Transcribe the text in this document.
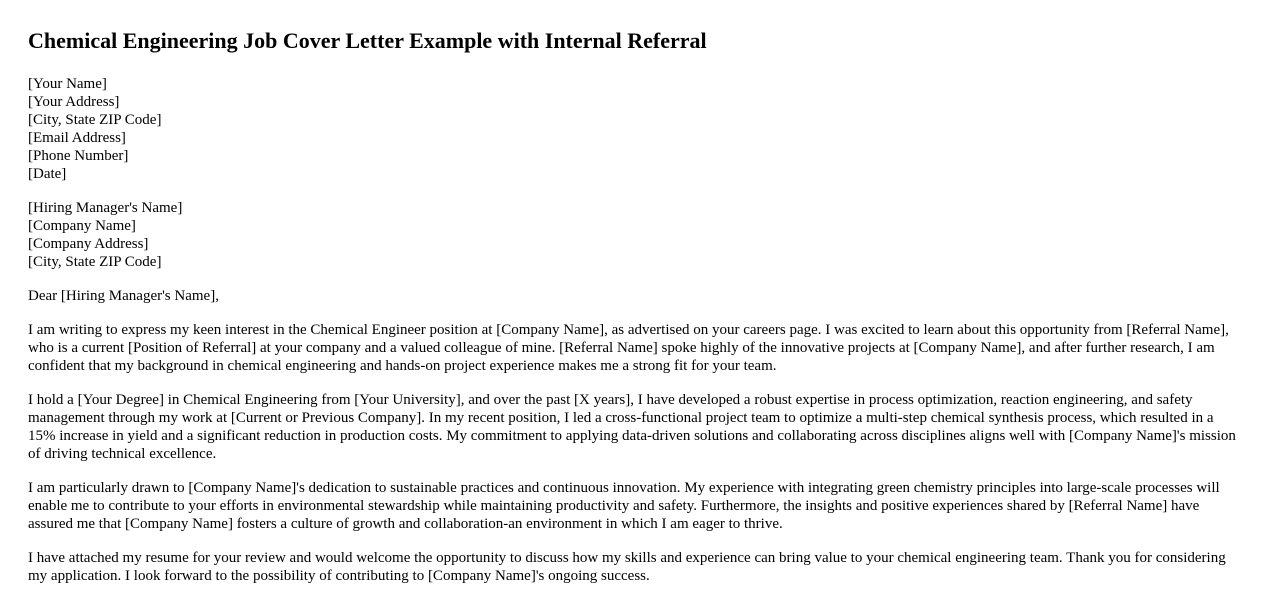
Chemical Engineering Job Cover Letter Example with Internal Referral
[Your Name]
[Your Address]
[City, State ZIP Code]
[Email Address]
[Phone Number]
[Date]
[Hiring Manager's Name]
[Company Name]
[Company Address]
[City, State ZIP Code]

Dear [Hiring Manager's Name],

I am writing to express my keen interest in the Chemical Engineer position at [Company Name], as advertised on your careers page. I was excited to learn about this opportunity from [Referral Name], who is a current [Position of Referral] at your company and a valued colleague of mine. [Referral Name] spoke highly of the innovative projects at [Company Name], and after further research, I am confident that my background in chemical engineering and hands-on project experience makes me a strong fit for your team.

I hold a [Your Degree] in Chemical Engineering from [Your University], and over the past [X years], I have developed a robust expertise in process optimization, reaction engineering, and safety management through my work at [Current or Previous Company]. In my recent position, I led a cross-functional project team to optimize a multi-step chemical synthesis process, which resulted in a 15% increase in yield and a significant reduction in production costs. My commitment to applying data-driven solutions and collaborating across disciplines aligns well with [Company Name]'s mission of driving technical excellence.

I am particularly drawn to [Company Name]'s dedication to sustainable practices and continuous innovation. My experience with integrating green chemistry principles into large-scale processes will enable me to contribute to your efforts in environmental stewardship while maintaining productivity and safety. Furthermore, the insights and positive experiences shared by [Referral Name] have assured me that [Company Name] fosters a culture of growth and collaboration-an environment in which I am eager to thrive.

I have attached my resume for your review and would welcome the opportunity to discuss how my skills and experience can bring value to your chemical engineering team. Thank you for considering my application. I look forward to the possibility of contributing to [Company Name]'s ongoing success.
